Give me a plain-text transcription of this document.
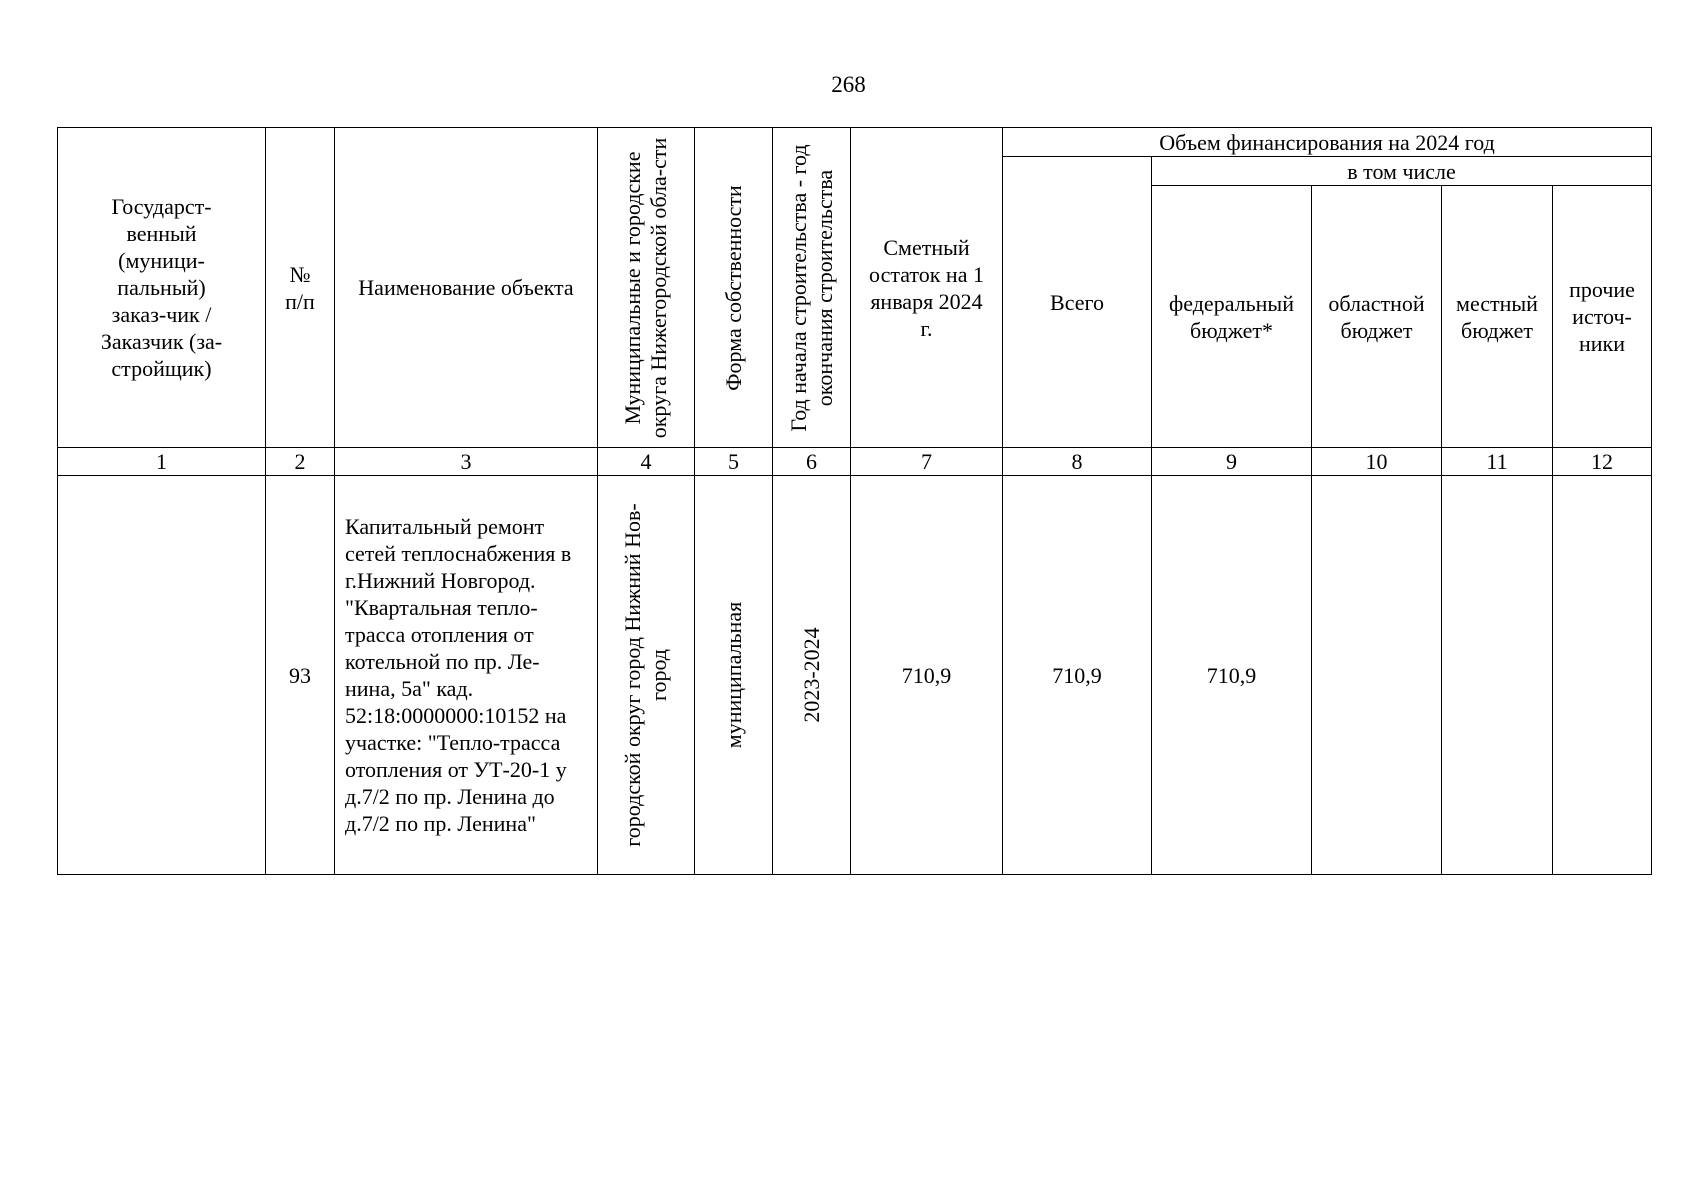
268
Государст-венный (муници-пальный) заказ-чик / Заказчик (за-стройщик)	№ п/п	Наименование объекта	Муниципальные и городские округа Нижегородской обла-сти	Форма собственности	Год начала строительства - год окончания строительства	Сметный остаток на 1 января 2024 г.	Объем финансирования на 2024 год				

							Всего	в том числе			

								федеральный бюджет*	областной бюджет	местный бюджет	прочие источ-ники

1	2	3	4	5	6	7	8	9	10	11	12
	93	Капитальный ремонт сетей теплоснабжения в г.Нижний Новгород. "Квартальная тепло-трасса отопления от котельной по пр. Ле-нина, 5а" кад. 52:18:0000000:10152 на участке: "Тепло-трасса отопления от УТ-20-1 у д.7/2 по пр. Ленина до д.7/2 по пр. Ленина"	городской округ город Нижний Нов-город	муниципальная	2023-2024	710,9	710,9	710,9			
